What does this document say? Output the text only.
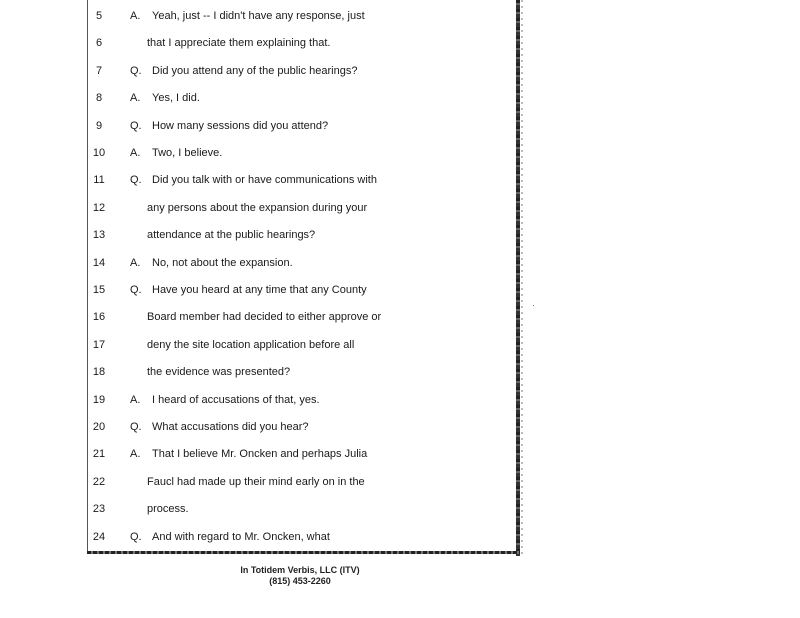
5	A. Yeah, just -- I didn't have any response, just
6	that I appreciate them explaining that.
7	Q. Did you attend any of the public hearings?
8	A. Yes, I did.
9	Q. How many sessions did you attend?
10	A. Two, I believe.
11	Q. Did you talk with or have communications with
12	any persons about the expansion during your
13	attendance at the public hearings?
14	A. No, not about the expansion.
15	Q. Have you heard at any time that any County
16	Board member had decided to either approve or
17	deny the site location application before all
18	the evidence was presented?
19	A. I heard of accusations of that, yes.
20	Q. What accusations did you hear?
21	A. That I believe Mr. Oncken and perhaps Julia
22	Faucl had made up their mind early on in the
23	process.
24	Q. And with regard to Mr. Oncken, what
In Totidem Verbis, LLC (ITV)
(815) 453-2260
